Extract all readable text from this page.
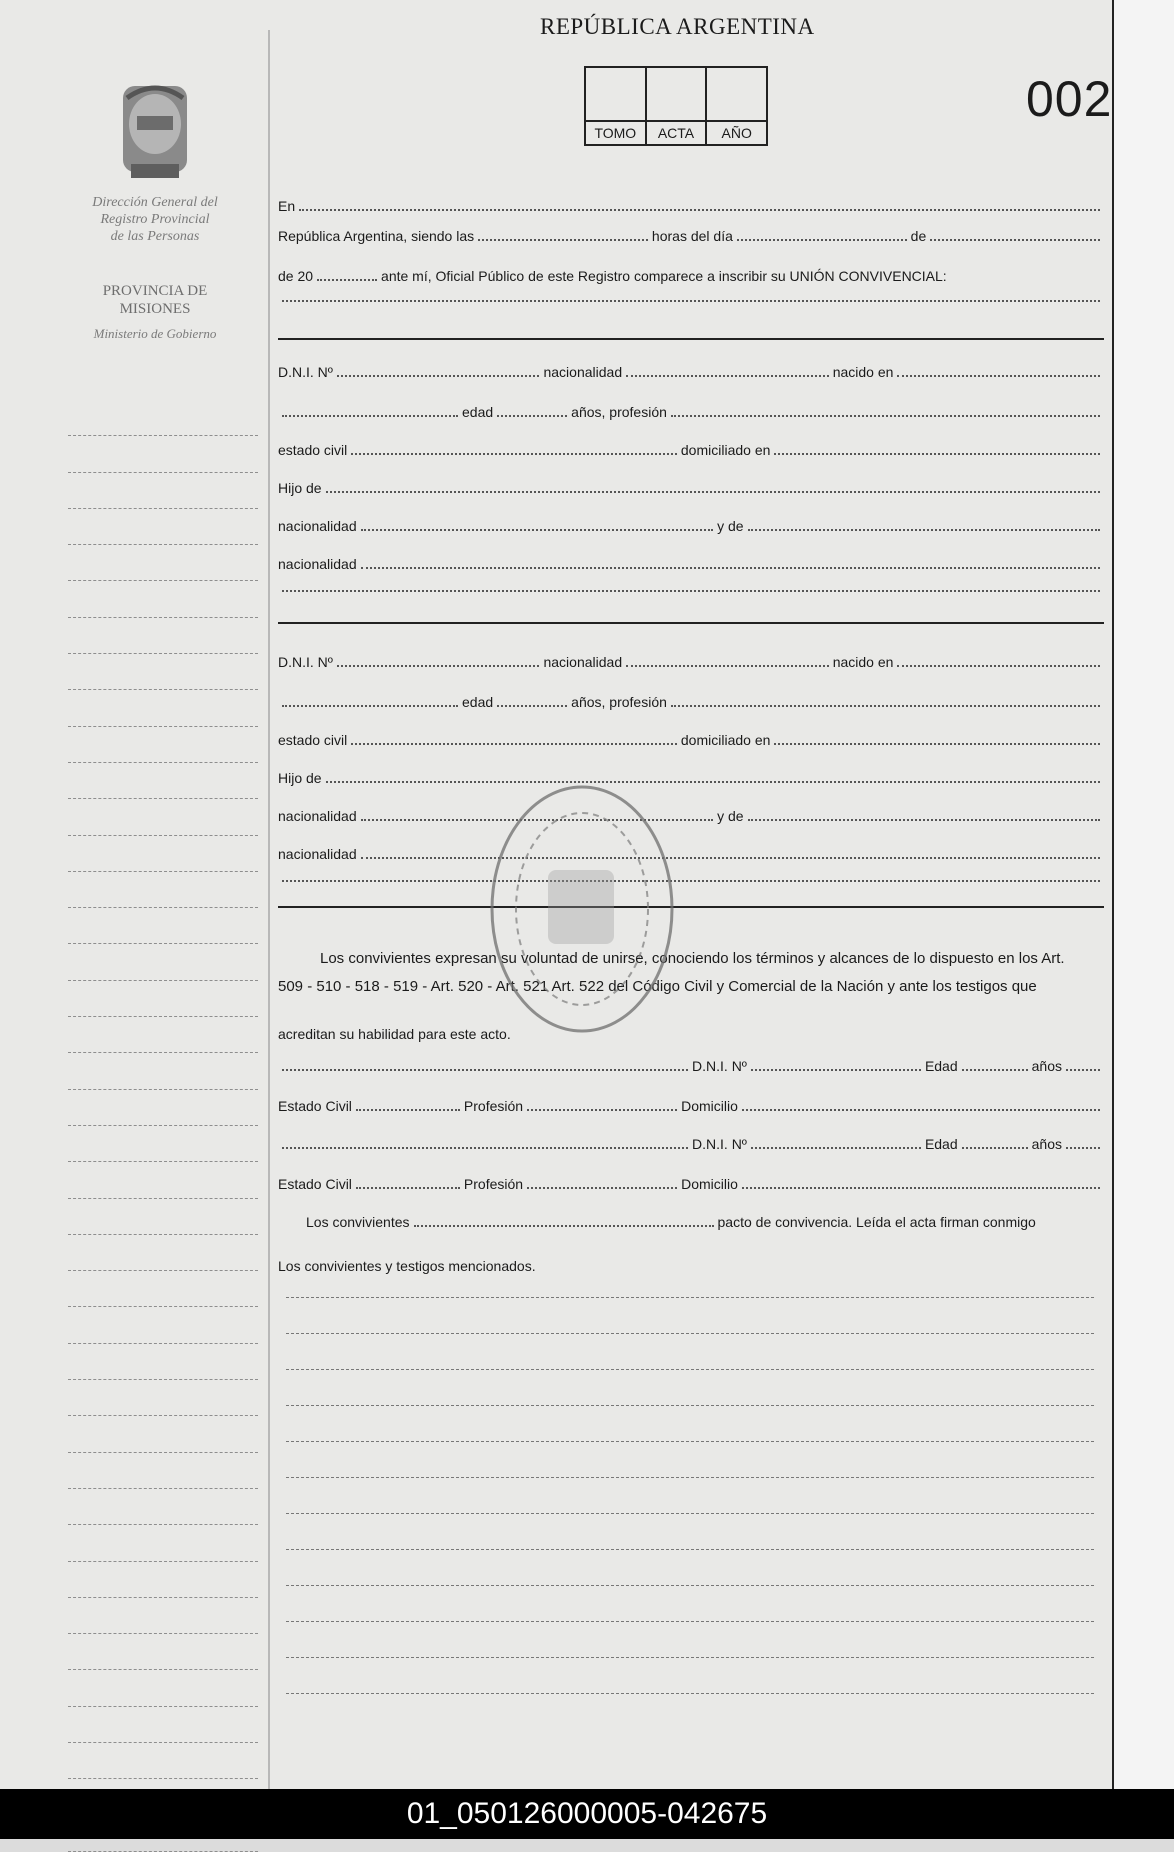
REPÚBLICA ARGENTINA
TOMO	ACTA	AÑO
002
Dirección General del
Registro Provincial
de las Personas
PROVINCIA DE
MISIONES
Ministerio de Gobierno
En
República Argentina, siendo las	horas del día	de
de 20	ante mí, Oficial Público de este Registro comparece a inscribir su UNIÓN CONVIVENCIAL:
D.N.I. Nº	nacionalidad	nacido en
edad	años, profesión
estado civil	domiciliado en
Hijo de
nacionalidad	y de
nacionalidad
D.N.I. Nº	nacionalidad	nacido en
edad	años, profesión
estado civil	domiciliado en
Hijo de
nacionalidad	y de
nacionalidad
Los convivientes expresan su voluntad de unirse, conociendo los términos y alcances de lo dispuesto en los Art.
509 - 510 - 518 - 519 - Art. 520 - Art. 521 Art. 522 del Código Civil y Comercial de la Nación y ante los testigos que
acreditan su habilidad para este acto.
D.N.I. Nº	Edad	años
Estado Civil	Profesión	Domicilio
D.N.I. Nº	Edad	años
Estado Civil	Profesión	Domicilio
Los convivientes	pacto de convivencia. Leída el acta firman conmigo
Los convivientes y testigos mencionados.
01_050126000005-042675
